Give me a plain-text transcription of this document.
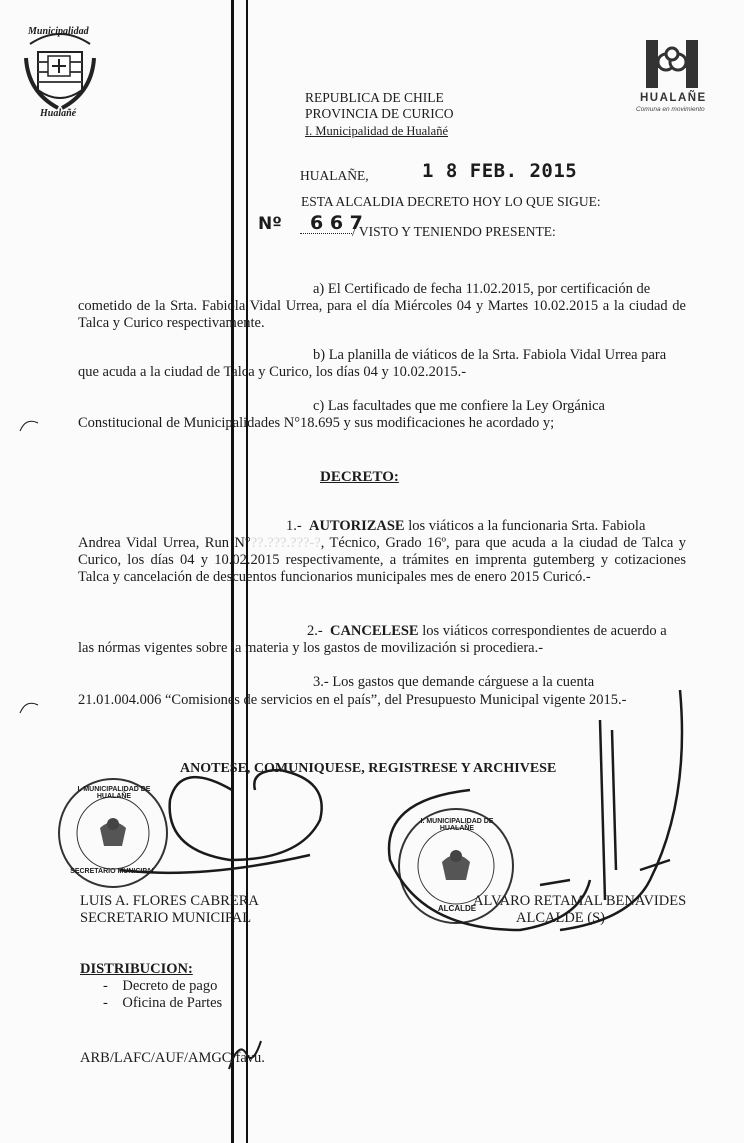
Municipalidad
Hualañé
HUALAÑE
Comuna en movimiento
REPUBLICA DE CHILE
PROVINCIA DE CURICO
I. Municipalidad de Hualañé
HUALAÑE,	1 8 FEB. 2015
ESTA ALCALDIA DECRETO HOY LO QUE SIGUE:
Nº 6 6 7
/ VISTO Y TENIENDO PRESENTE:
a) El Certificado de fecha 11.02.2015, por certificación de
cometido de la Srta. Fabiola Vidal Urrea, para el día Miércoles 04 y Martes 10.02.2015 a la ciudad de Talca y Curico respectivamente.
b) La planilla de viáticos de la Srta. Fabiola Vidal Urrea para
que acuda a la ciudad de Talca y Curico, los días 04 y 10.02.2015.-
c) Las facultades que me confiere la Ley Orgánica
Constitucional de Municipalidades N°18.695 y sus modificaciones he acordado y;
DECRETO:
1.- AUTORIZASE los viáticos a la funcionaria Srta. Fabiola
Andrea Vidal Urrea, Run N°??.???.???-?, Técnico, Grado 16º, para que acuda a la ciudad de Talca y Curico, los días 04 y 10.02.2015 respectivamente, a trámites en imprenta gutemberg y cotizaciones Talca y cancelación de descuentos funcionarios municipales mes de enero 2015 Curicó.-
2.- CANCELESE los viáticos correspondientes de acuerdo a
las nórmas vigentes sobre la materia y los gastos de movilización si procediera.-
3.- Los gastos que demande cárguese a la cuenta
21.01.004.006 “Comisiones de servicios en el país”, del Presupuesto Municipal vigente 2015.-
ANOTESE, COMUNIQUESE, REGISTRESE Y ARCHIVESE
I. MUNICIPALIDAD DE HUALAÑE
SECRETARIO MUNICIPAL
I. MUNICIPALIDAD DE HUALAÑE
ALCALDE
LUIS A. FLORES CABRERA
SECRETARIO MUNICIPAL
ALVARO RETAMAL BENAVIDES
ALCALDE (S)
DISTRIBUCION:
-    Decreto de pago
-    Oficina de Partes
ARB/LAFC/AUF/AMGC/favu.
